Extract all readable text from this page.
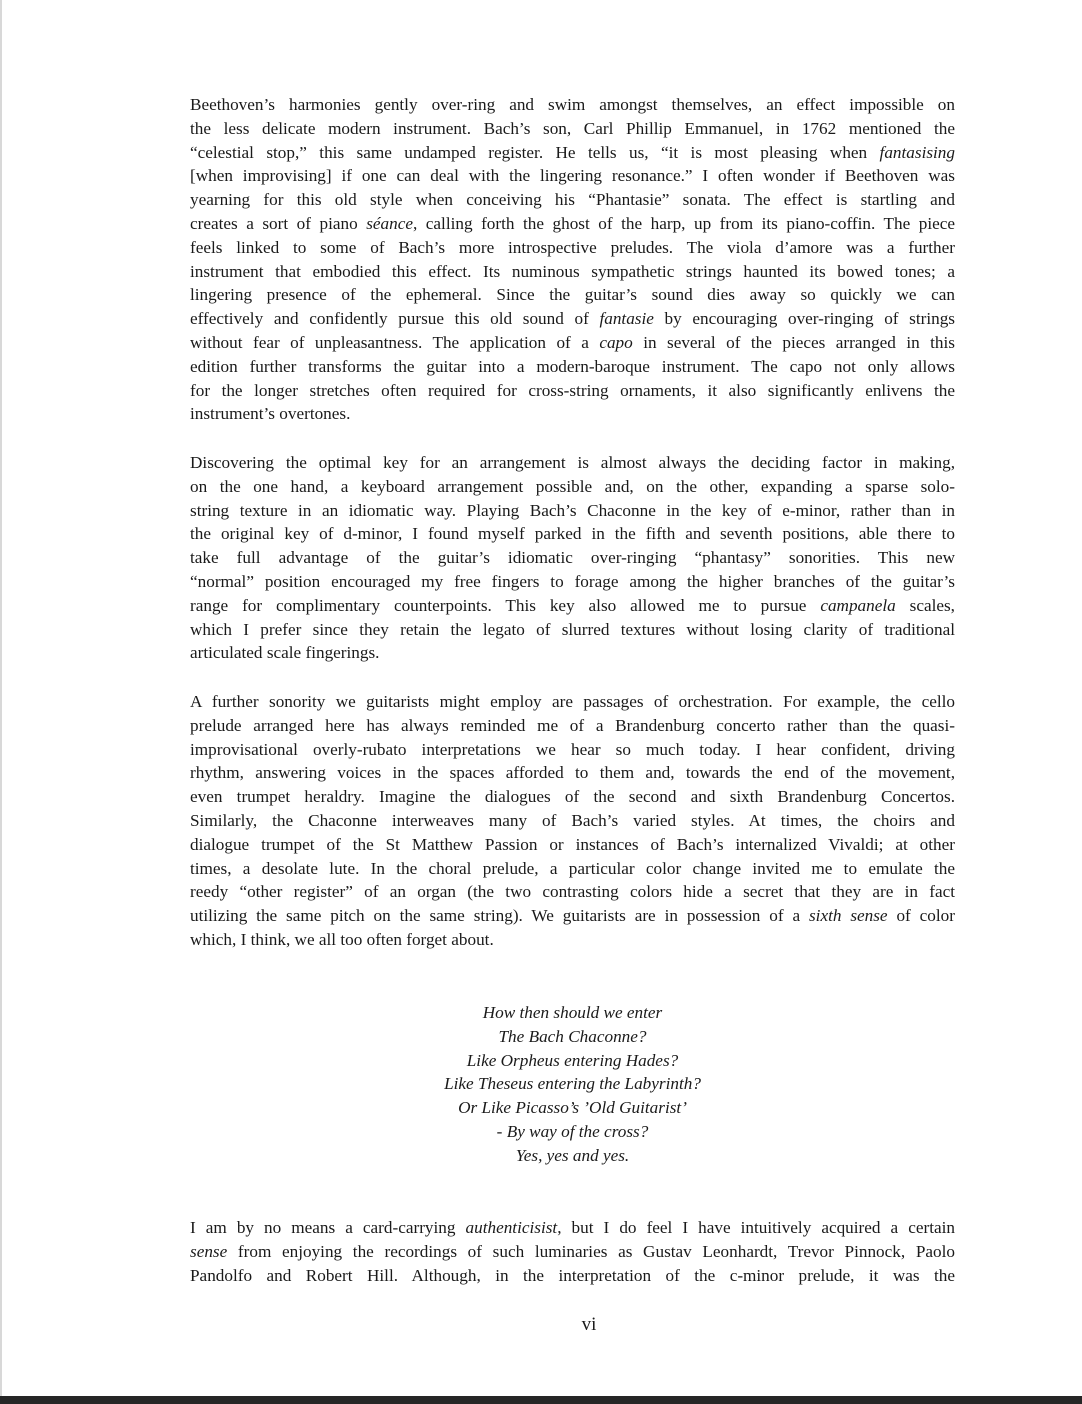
Beethoven’s harmonies gently over-ring and swim amongst themselves, an effect impossible on
the less delicate modern instrument. Bach’s son, Carl Phillip Emmanuel, in 1762 mentioned the
“celestial stop,” this same undamped register. He tells us, “it is most pleasing when fantasising
[when improvising] if one can deal with the lingering resonance.” I often wonder if Beethoven was
yearning for this old style when conceiving his “Phantasie” sonata. The effect is startling and
creates a sort of piano séance, calling forth the ghost of the harp, up from its piano-coffin. The piece
feels linked to some of Bach’s more introspective preludes. The viola d’amore was a further
instrument that embodied this effect. Its numinous sympathetic strings haunted its bowed tones; a
lingering presence of the ephemeral. Since the guitar’s sound dies away so quickly we can
effectively and confidently pursue this old sound of fantasie by encouraging over-ringing of strings
without fear of unpleasantness. The application of a capo in several of the pieces arranged in this
edition further transforms the guitar into a modern-baroque instrument. The capo not only allows
for the longer stretches often required for cross-string ornaments, it also significantly enlivens the
instrument’s overtones.
Discovering the optimal key for an arrangement is almost always the deciding factor in making,
on the one hand, a keyboard arrangement possible and, on the other, expanding a sparse solo-
string texture in an idiomatic way. Playing Bach’s Chaconne in the key of e-minor, rather than in
the original key of d-minor, I found myself parked in the fifth and seventh positions, able there to
take full advantage of the guitar’s idiomatic over-ringing “phantasy” sonorities. This new
“normal” position encouraged my free fingers to forage among the higher branches of the guitar’s
range for complimentary counterpoints. This key also allowed me to pursue campanela scales,
which I prefer since they retain the legato of slurred textures without losing clarity of traditional
articulated scale fingerings.
A further sonority we guitarists might employ are passages of orchestration. For example, the cello
prelude arranged here has always reminded me of a Brandenburg concerto rather than the quasi-
improvisational overly-rubato interpretations we hear so much today. I hear confident, driving
rhythm, answering voices in the spaces afforded to them and, towards the end of the movement,
even trumpet heraldry. Imagine the dialogues of the second and sixth Brandenburg Concertos.
Similarly, the Chaconne interweaves many of Bach’s varied styles. At times, the choirs and
dialogue trumpet of the St Matthew Passion or instances of Bach’s internalized Vivaldi; at other
times, a desolate lute. In the choral prelude, a particular color change invited me to emulate the
reedy “other register” of an organ (the two contrasting colors hide a secret that they are in fact
utilizing the same pitch on the same string). We guitarists are in possession of a sixth sense of color
which, I think, we all too often forget about.
How then should we enter
The Bach Chaconne?
Like Orpheus entering Hades?
Like Theseus entering the Labyrinth?
Or Like Picasso’s ’Old Guitarist’
- By way of the cross?
Yes, yes and yes.
I am by no means a card-carrying authenticisist, but I do feel I have intuitively acquired a certain
sense from enjoying the recordings of such luminaries as Gustav Leonhardt, Trevor Pinnock, Paolo
Pandolfo and Robert Hill. Although, in the interpretation of the c-minor prelude, it was the
vi
